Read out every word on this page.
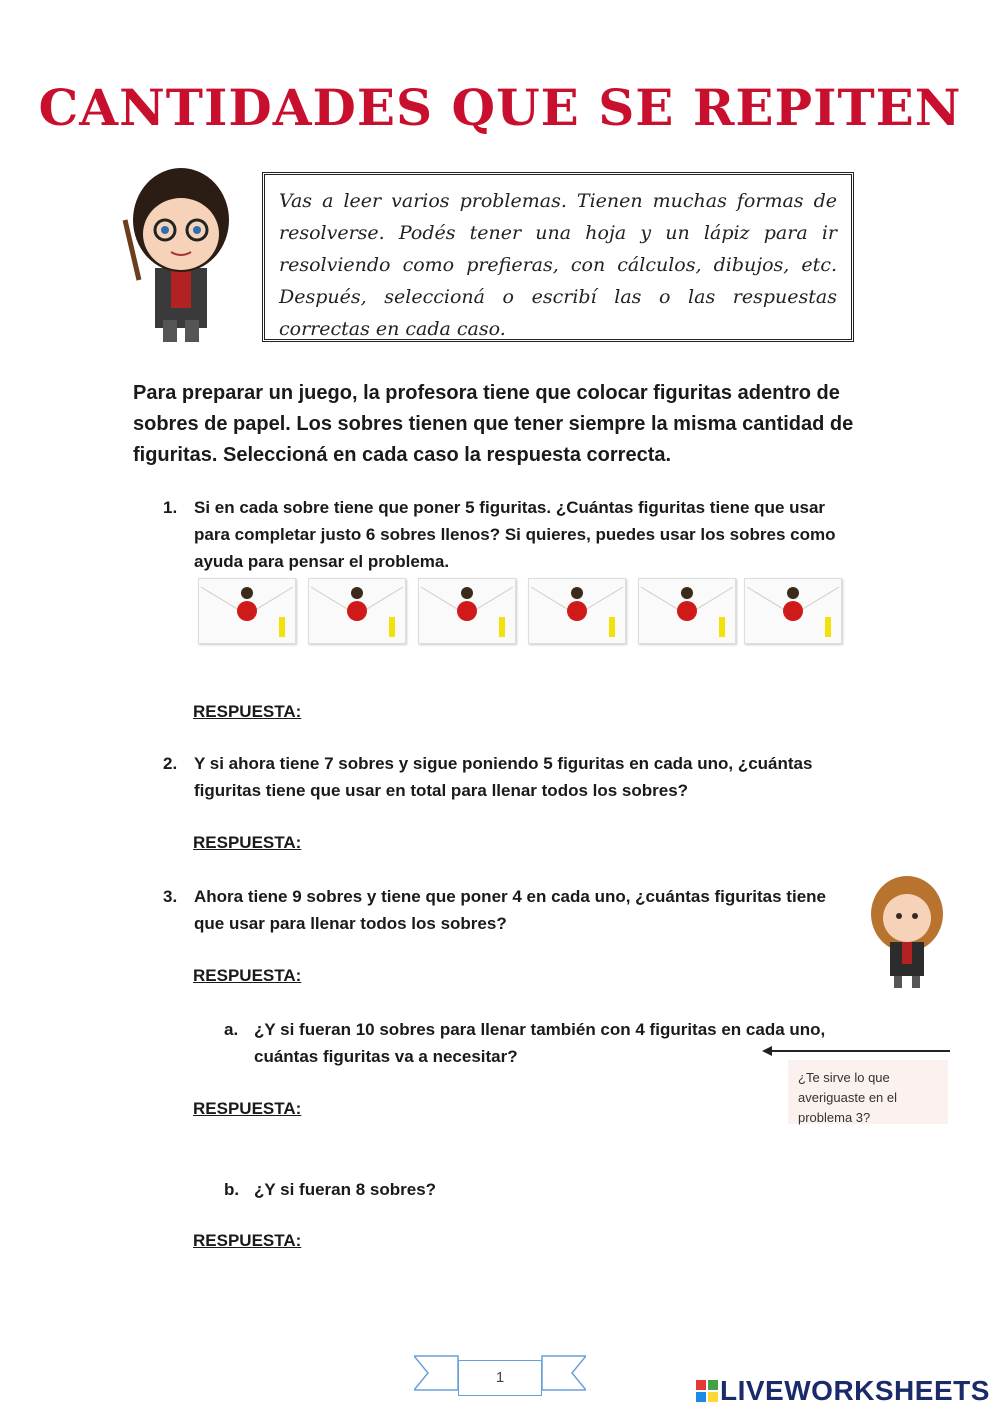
CANTIDADES QUE SE REPITEN
Vas a leer varios problemas. Tienen muchas formas de resolverse. Podés tener una hoja y un lápiz para ir resolviendo como prefieras, con cálculos, dibujos, etc. Después, seleccioná o escribí las o las respuestas correctas en cada caso.
Para preparar un juego, la profesora tiene que colocar figuritas adentro de sobres de papel. Los sobres tienen que tener siempre la misma cantidad de figuritas. Seleccioná en cada caso la respuesta correcta.
1. Si en cada sobre tiene que poner 5 figuritas. ¿Cuántas figuritas tiene que usar para completar justo 6 sobres llenos? Si quieres, puedes usar los sobres como ayuda para pensar el problema.
RESPUESTA:
2. Y si ahora tiene 7 sobres y sigue poniendo 5 figuritas en cada uno, ¿cuántas figuritas tiene que usar en total para llenar todos los sobres?
RESPUESTA:
3. Ahora tiene 9 sobres y tiene que poner 4 en cada uno, ¿cuántas figuritas tiene que usar para llenar todos los sobres?
RESPUESTA:
a. ¿Y si fueran 10 sobres para llenar también con 4 figuritas en cada uno, cuántas figuritas va a necesitar?
¿Te sirve lo que averiguaste en el problema 3?
RESPUESTA:
b. ¿Y si fueran 8 sobres?
RESPUESTA:
1	LIVEWORKSHEETS
